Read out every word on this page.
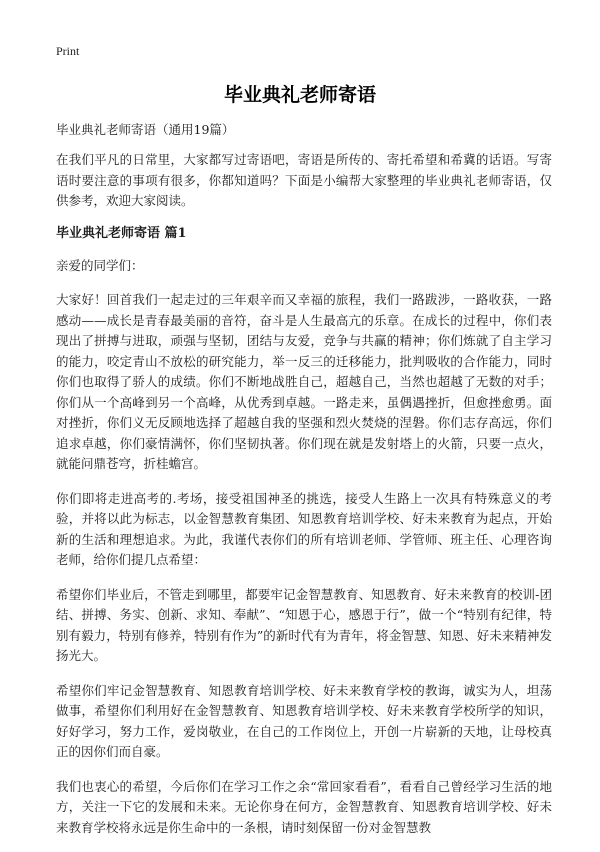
Print
毕业典礼老师寄语

毕业典礼老师寄语（通用19篇）

在我们平凡的日常里，大家都写过寄语吧，寄语是所传的、寄托希望和希冀的话语。写寄语时要注意的事项有很多，你都知道吗？下面是小编帮大家整理的毕业典礼老师寄语，仅供参考，欢迎大家阅读。

毕业典礼老师寄语 篇1

亲爱的同学们：

大家好！回首我们一起走过的三年艰辛而又幸福的旅程，我们一路跋涉，一路收获，一路感动——成长是青春最美丽的音符，奋斗是人生最高亢的乐章。在成长的过程中，你们表现出了拼搏与进取，顽强与坚韧，团结与友爱，竞争与共赢的精神；你们炼就了自主学习的能力，咬定青山不放松的研究能力，举一反三的迁移能力，批判吸收的合作能力，同时你们也取得了骄人的成绩。你们不断地战胜自己，超越自己，当然也超越了无数的对手；你们从一个高峰到另一个高峰，从优秀到卓越。一路走来，虽偶遇挫折，但愈挫愈勇。面对挫折，你们义无反顾地选择了超越自我的坚强和烈火焚烧的涅磐。你们志存高远，你们追求卓越，你们豪情满怀，你们坚韧执著。你们现在就是发射塔上的火箭，只要一点火，就能问鼎苍穹，折桂蟾宫。

你们即将走进高考的.考场，接受祖国神圣的挑选，接受人生路上一次具有特殊意义的考验，并将以此为标志，以金智慧教育集团、知恩教育培训学校、好未来教育为起点，开始新的生活和理想追求。为此，我谨代表你们的所有培训老师、学管师、班主任、心理咨询老师，给你们提几点希望：

希望你们毕业后，不管走到哪里，都要牢记金智慧教育、知恩教育、好未来教育的校训-团结、拼搏、务实、创新、求知、奉献”、“知恩于心，感恩于行”，做一个“特别有纪律，特别有毅力，特别有修养，特别有作为”的新时代有为青年，将金智慧、知恩、好未来精神发扬光大。

希望你们牢记金智慧教育、知恩教育培训学校、好未来教育学校的教诲，诚实为人，坦荡做事，希望你们利用好在金智慧教育、知恩教育培训学校、好未来教育学校所学的知识，好好学习，努力工作，爱岗敬业，在自己的工作岗位上，开创一片崭新的天地，让母校真正的因你们而自豪。

我们也衷心的希望，今后你们在学习工作之余“常回家看看”，看看自己曾经学习生活的地方，关注一下它的发展和未来。无论你身在何方，金智慧教育、知恩教育培训学校、好未来教育学校将永远是你生命中的一条根，请时刻保留一份对金智慧教
